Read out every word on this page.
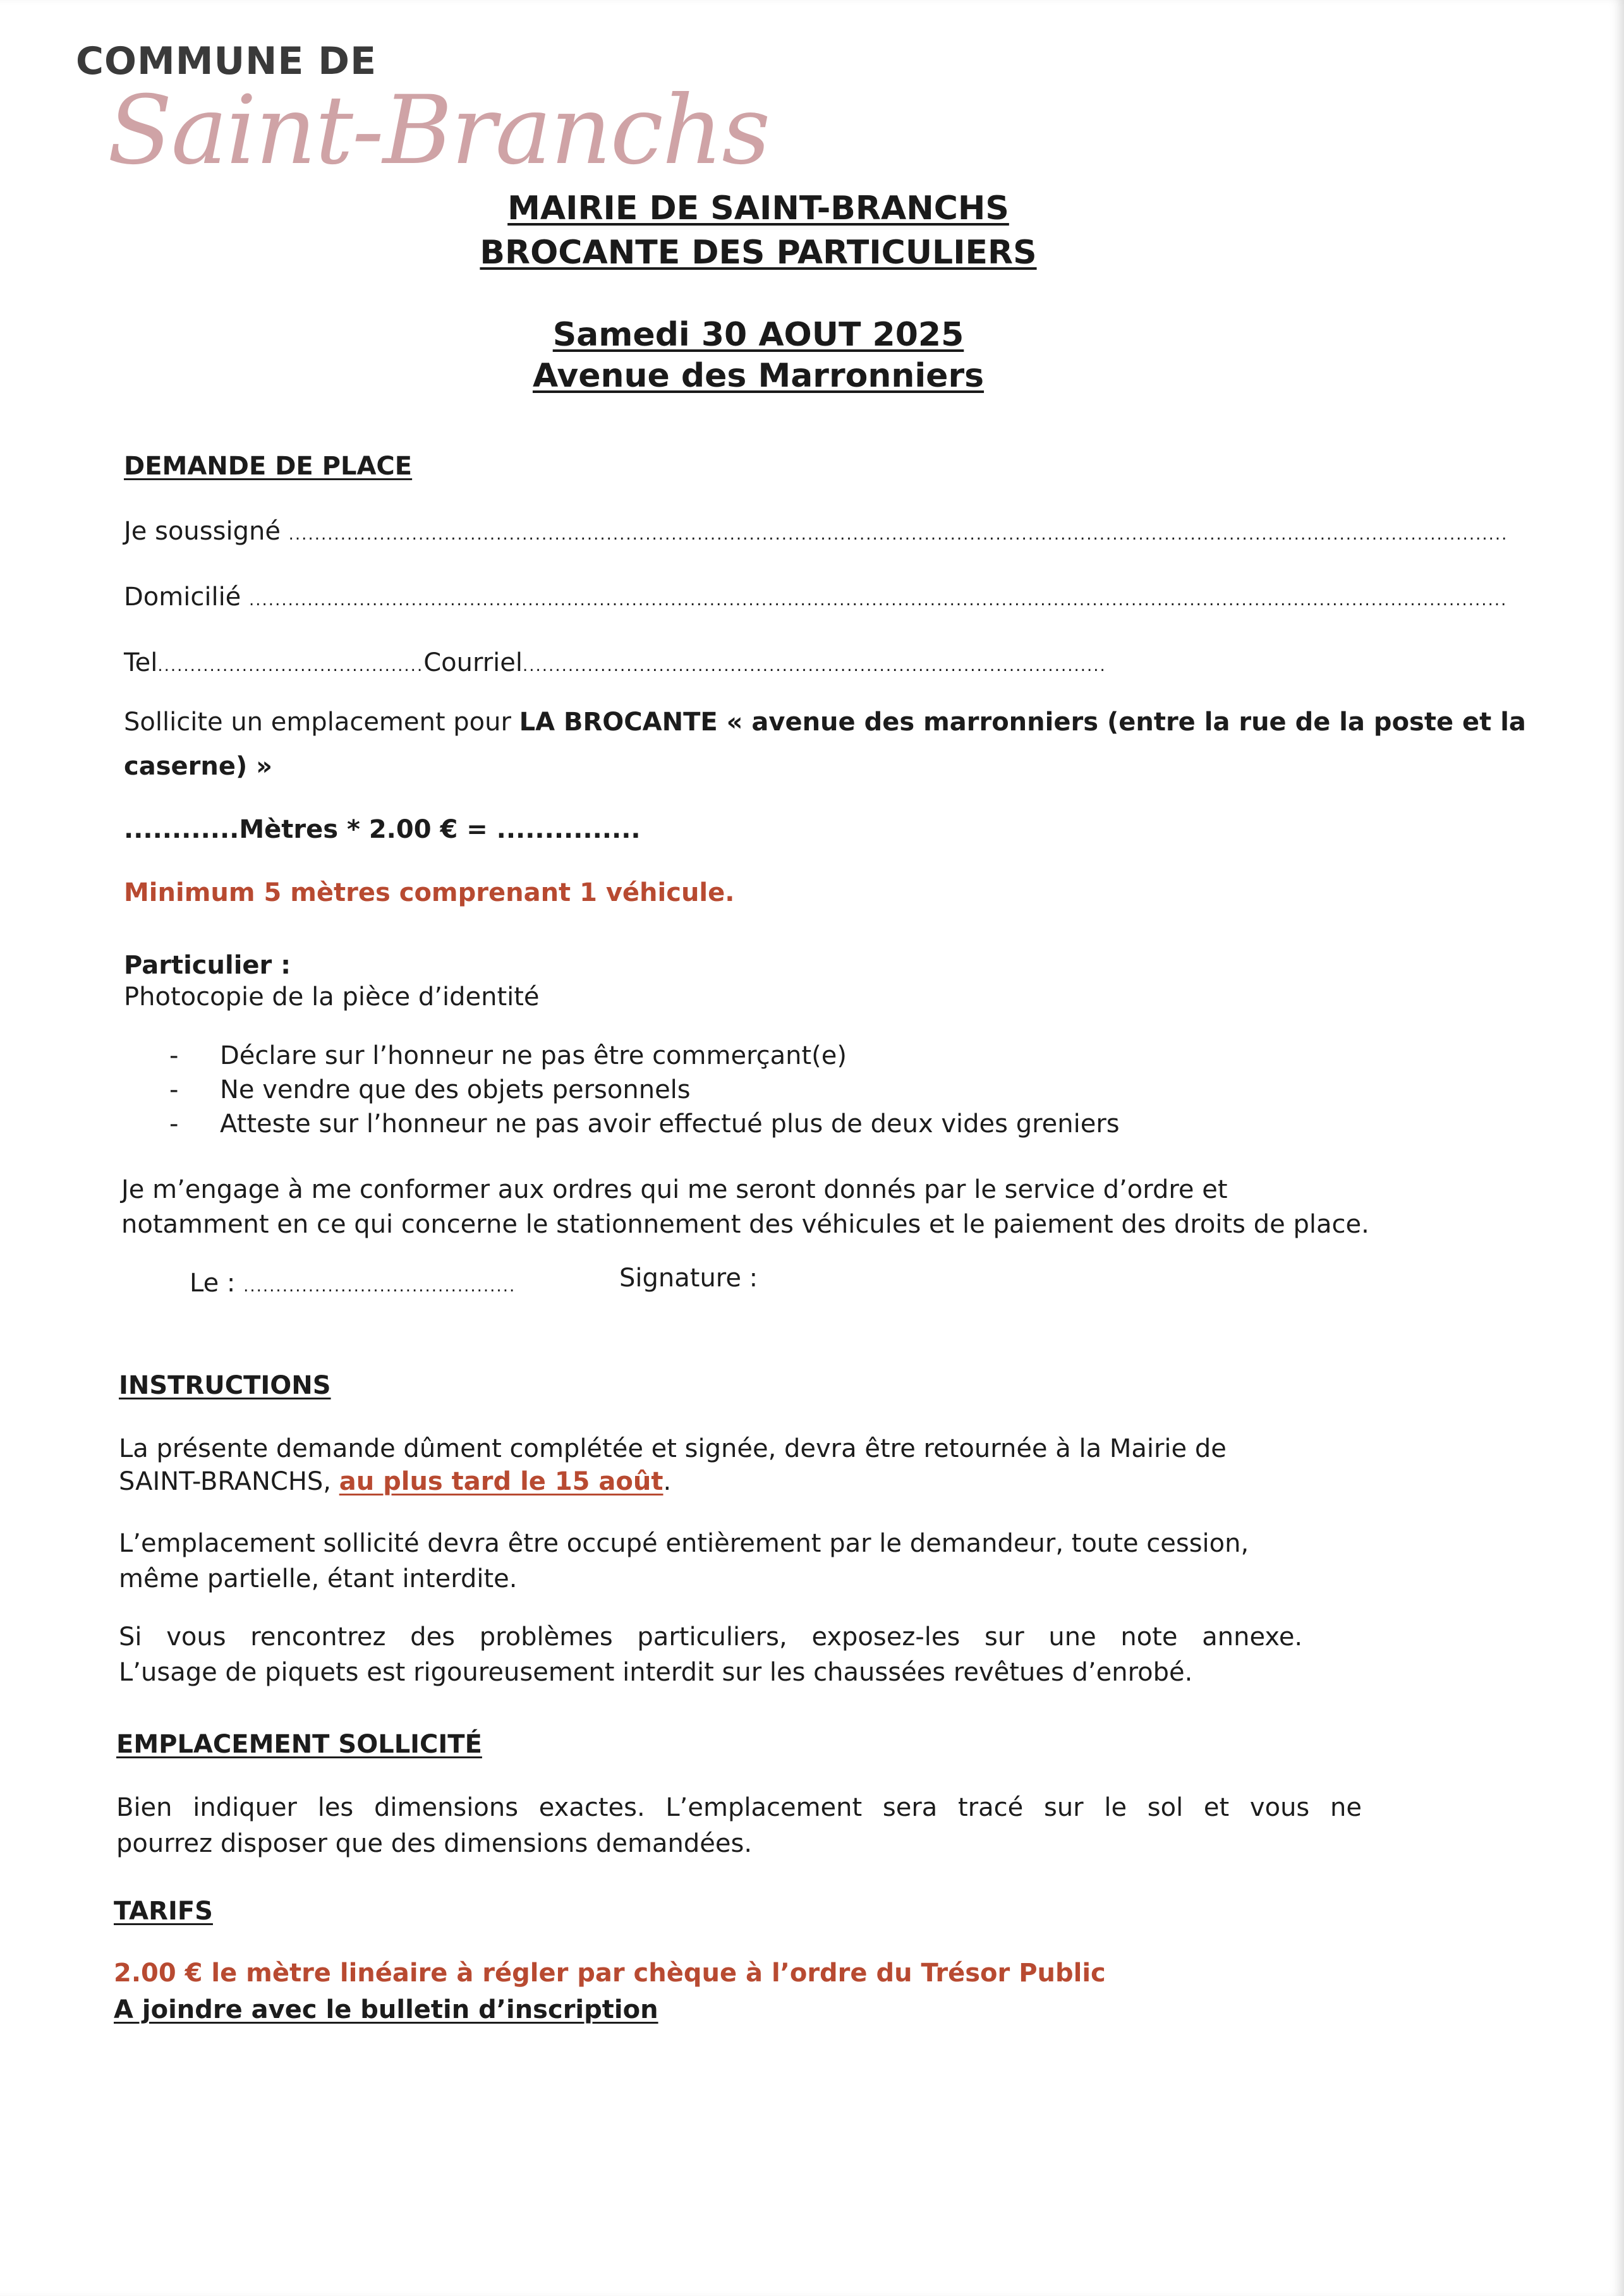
COMMUNE DE
Saint-Branchs
MAIRIE DE SAINT-BRANCHS
BROCANTE DES PARTICULIERS
Samedi 30 AOUT 2025
Avenue des Marronniers
DEMANDE DE PLACE
Je soussigné ............................................................................................................................................................................................
Domicilié ..................................................................................................................................................................................................
Tel.........................................Courriel..........................................................................................
Sollicite un emplacement pour LA BROCANTE « avenue des marronniers (entre la rue de la poste et la
caserne) »
............Mètres * 2.00 € = ...............
Minimum 5 mètres comprenant 1 véhicule.
Particulier :
Photocopie de la pièce d’identité
- Déclare sur l’honneur ne pas être commerçant(e)
- Ne vendre que des objets personnels
- Atteste sur l’honneur ne pas avoir effectué plus de deux vides greniers
Je m’engage à me conformer aux ordres qui me seront donnés par le service d’ordre et
notamment en ce qui concerne le stationnement des véhicules et le paiement des droits de place.
Le : ..........................................	Signature :
INSTRUCTIONS
La présente demande dûment complétée et signée, devra être retournée à la Mairie de
SAINT-BRANCHS, au plus tard le 15 août.
L’emplacement sollicité devra être occupé entièrement par le demandeur, toute cession,
même partielle, étant interdite.
Si vous rencontrez des problèmes particuliers, exposez-les sur une note annexe.
L’usage de piquets est rigoureusement interdit sur les chaussées revêtues d’enrobé.
EMPLACEMENT SOLLICITÉ
Bien indiquer les dimensions exactes. L’emplacement sera tracé sur le sol et vous ne
pourrez disposer que des dimensions demandées.
TARIFS
2.00 € le mètre linéaire à régler par chèque à l’ordre du Trésor Public
A joindre avec le bulletin d’inscription
